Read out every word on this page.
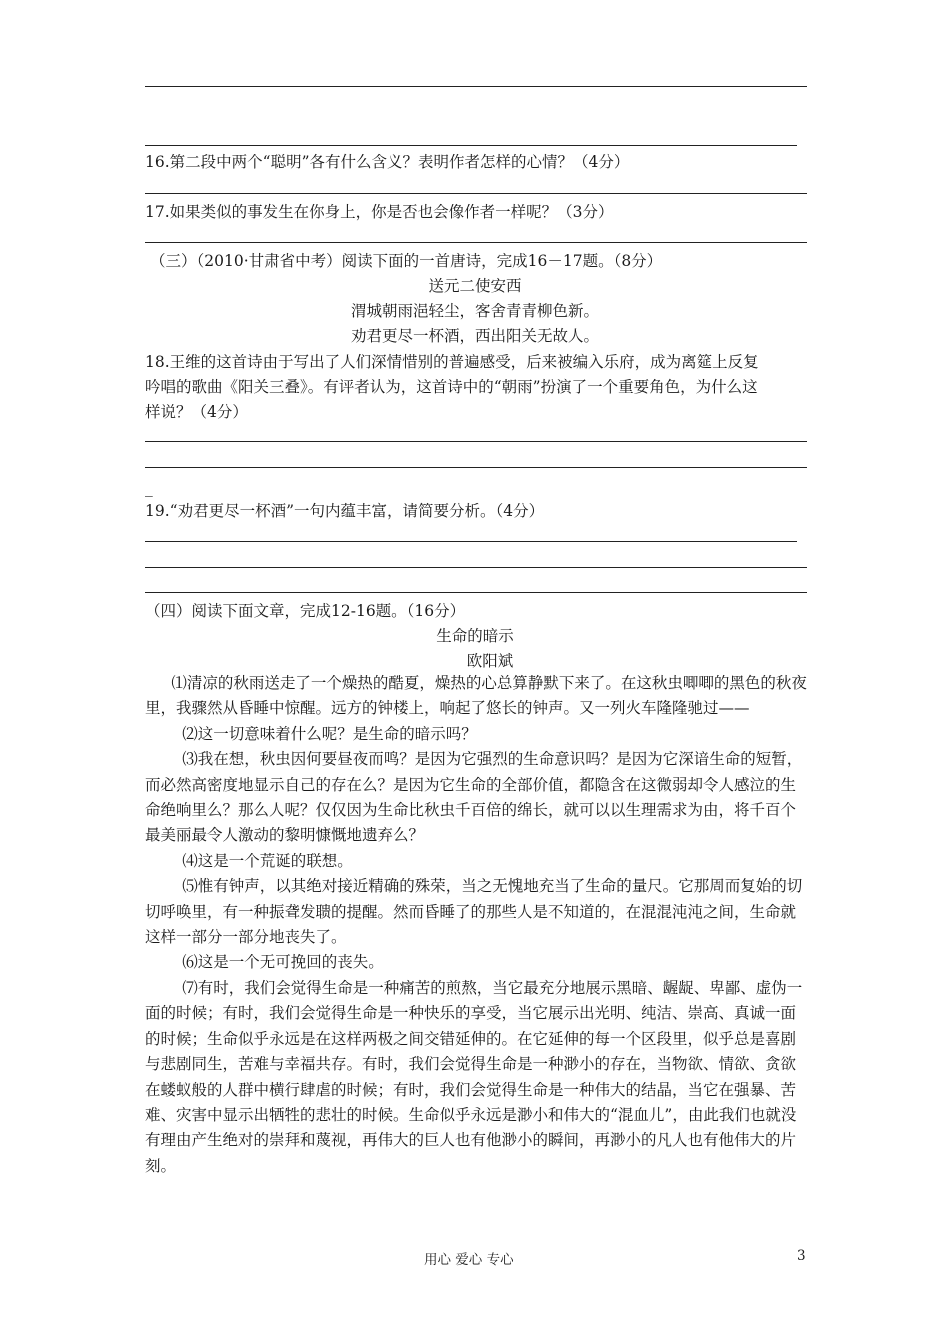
16.第二段中两个“聪明”各有什么含义？表明作者怎样的心情？（4分）
17.如果类似的事发生在你身上，你是否也会像作者一样呢？（3分）
（三）（2010·甘肃省中考）阅读下面的一首唐诗，完成16－17题。（8分）
送元二使安西
渭城朝雨浥轻尘，客舍青青柳色新。
劝君更尽一杯酒，西出阳关无故人。
18.王维的这首诗由于写出了人们深情惜别的普遍感受，后来被编入乐府，成为离筵上反复
吟唱的歌曲《阳关三叠》。有评者认为，这首诗中的“朝雨”扮演了一个重要角色，为什么这
样说？（4分）
_
19.“劝君更尽一杯酒”一句内蕴丰富，请简要分析。（4分）
（四）阅读下面文章，完成12-16题。（16分）
生命的暗示
欧阳斌

⑴清凉的秋雨送走了一个燥热的酷夏，燥热的心总算静默下来了。在这秋虫唧唧的黑色的秋夜里，我骤然从昏睡中惊醒。远方的钟楼上，响起了悠长的钟声。又一列火车隆隆驰过——

⑵这一切意味着什么呢？是生命的暗示吗？

⑶我在想，秋虫因何要昼夜而鸣？是因为它强烈的生命意识吗？是因为它深谙生命的短暂，而必然高密度地显示自己的存在么？是因为它生命的全部价值，都隐含在这微弱却令人感泣的生命绝响里么？那么人呢？仅仅因为生命比秋虫千百倍的绵长，就可以以生理需求为由，将千百个最美丽最令人激动的黎明慷慨地遗弃么？

⑷这是一个荒诞的联想。

⑸惟有钟声，以其绝对接近精确的殊荣，当之无愧地充当了生命的量尺。它那周而复始的切切呼唤里，有一种振聋发聩的提醒。然而昏睡了的那些人是不知道的，在混混沌沌之间，生命就这样一部分一部分地丧失了。

⑹这是一个无可挽回的丧失。

⑺有时，我们会觉得生命是一种痛苦的煎熬，当它最充分地展示黑暗、龌龊、卑鄙、虚伪一面的时候；有时，我们会觉得生命是一种快乐的享受，当它展示出光明、纯洁、崇高、真诚一面的时候；生命似乎永远是在这样两极之间交错延伸的。在它延伸的每一个区段里，似乎总是喜剧与悲剧同生，苦难与幸福共存。有时，我们会觉得生命是一种渺小的存在，当物欲、情欲、贪欲在蝼蚁般的人群中横行肆虐的时候；有时，我们会觉得生命是一种伟大的结晶，当它在强暴、苦难、灾害中显示出牺牲的悲壮的时候。生命似乎永远是渺小和伟大的“混血儿”，由此我们也就没有理由产生绝对的崇拜和蔑视，再伟大的巨人也有他渺小的瞬间，再渺小的凡人也有他伟大的片刻。

用心 爱心 专心	3
